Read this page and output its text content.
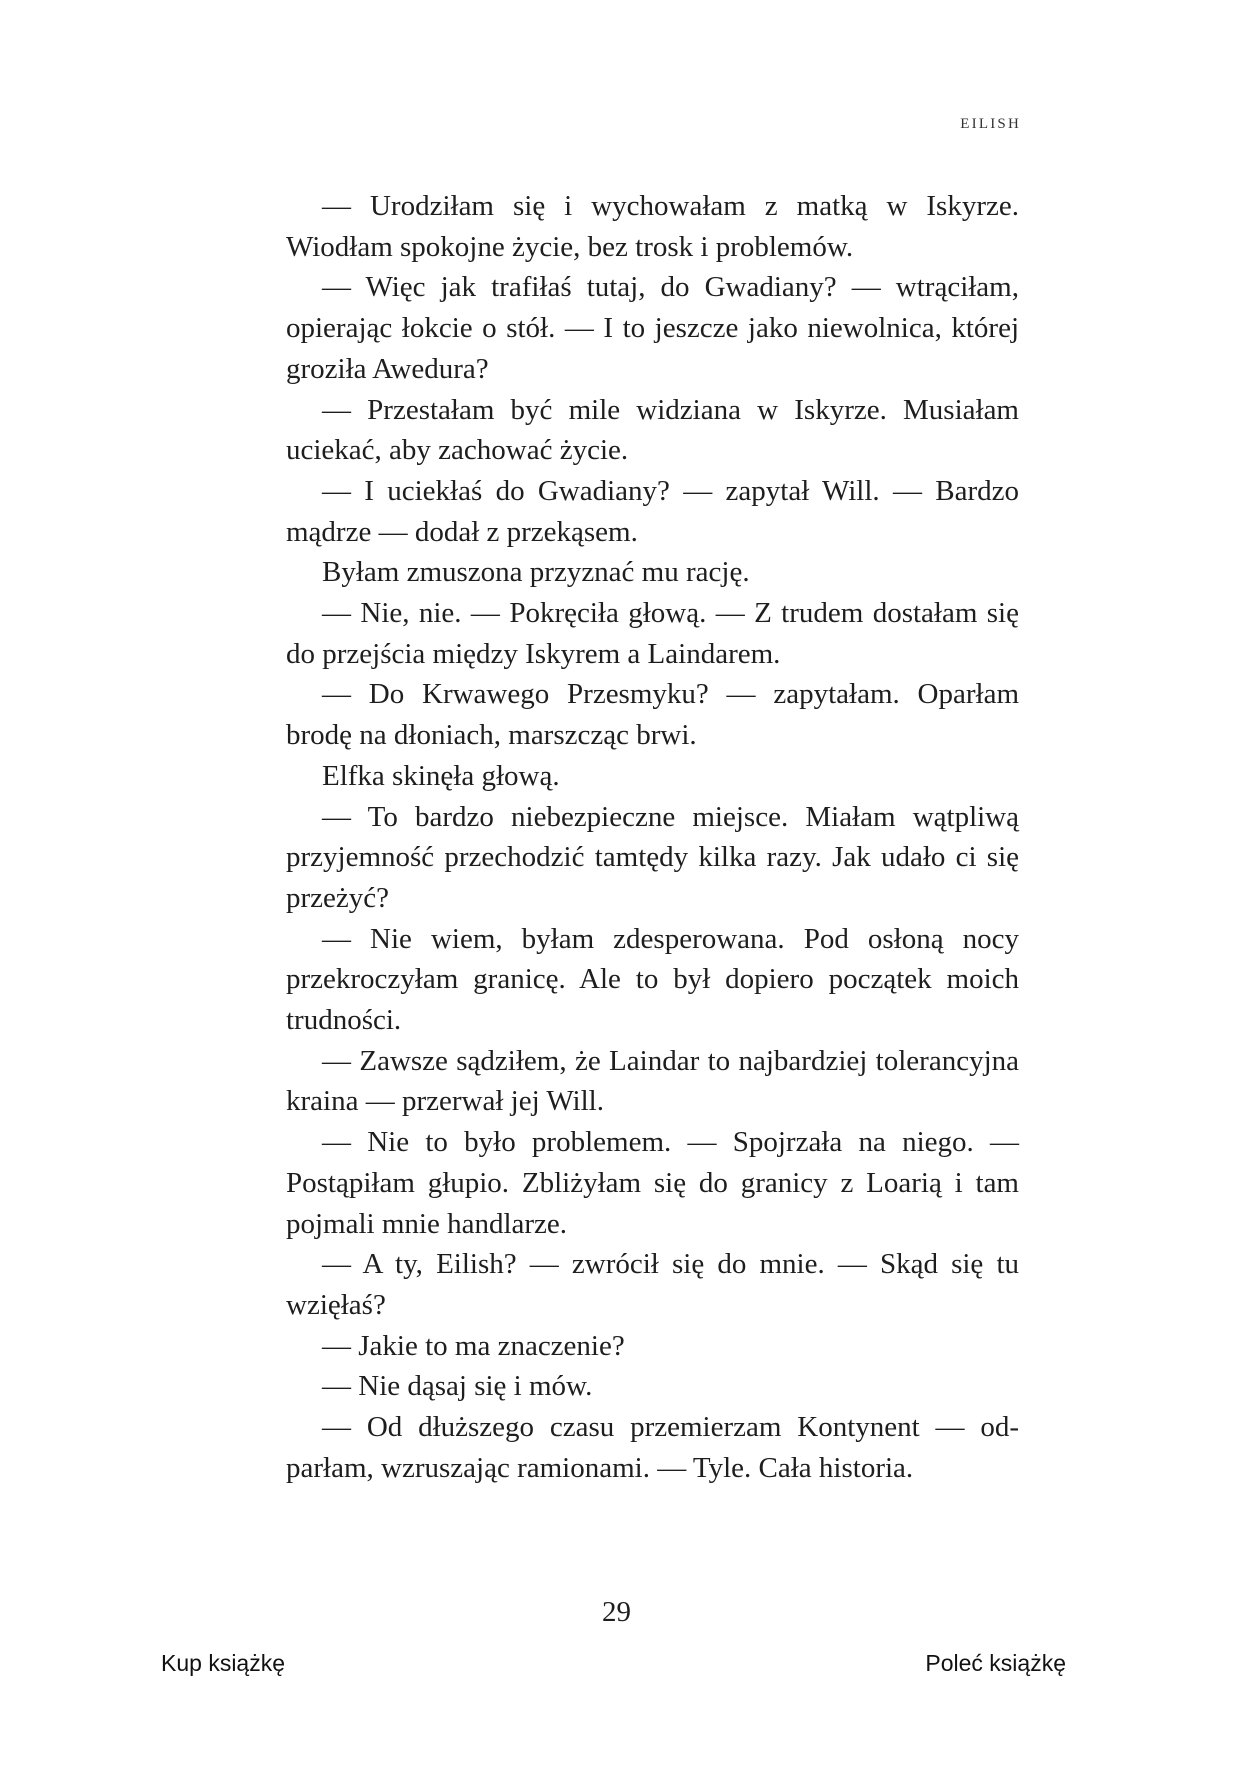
EILISH

— Urodziłam się i wychowałam z matką w Iskyrze. Wiodłam spokojne życie, bez trosk i problemów.

— Więc jak trafiłaś tutaj, do Gwadiany? — wtrąciłam, opierając łokcie o stół. — I to jeszcze jako niewolnica, której groziła Awedura?

— Przestałam być mile widziana w Iskyrze. Musiałam uciekać, aby zachować życie.

— I uciekłaś do Gwadiany? — zapytał Will. — Bardzo mądrze — dodał z przekąsem.

Byłam zmuszona przyznać mu rację.

— Nie, nie. — Pokręciła głową. — Z trudem dostałam się do przejścia między Iskyrem a Laindarem.

— Do Krwawego Przesmyku? — zapytałam. Oparłam brodę na dłoniach, marszcząc brwi.

Elfka skinęła głową.

— To bardzo niebezpieczne miejsce. Miałam wątpliwą przyjemność przechodzić tamtędy kilka razy. Jak udało ci się przeżyć?

— Nie wiem, byłam zdesperowana. Pod osłoną nocy przekroczyłam granicę. Ale to był dopiero początek moich trudności.

— Zawsze sądziłem, że Laindar to najbardziej tolerancyjna kraina — przerwał jej Will.

— Nie to było problemem. — Spojrzała na niego. — Postąpiłam głupio. Zbliżyłam się do granicy z Loarią i tam pojmali mnie handlarze.

— A ty, Eilish? — zwrócił się do mnie. — Skąd się tu wzięłaś?

— Jakie to ma znaczenie?

— Nie dąsaj się i mów.

— Od dłuższego czasu przemierzam Kontynent — odparłam, wzruszając ramionami. — Tyle. Cała historia.

29
Kup książkę	Poleć książkę
